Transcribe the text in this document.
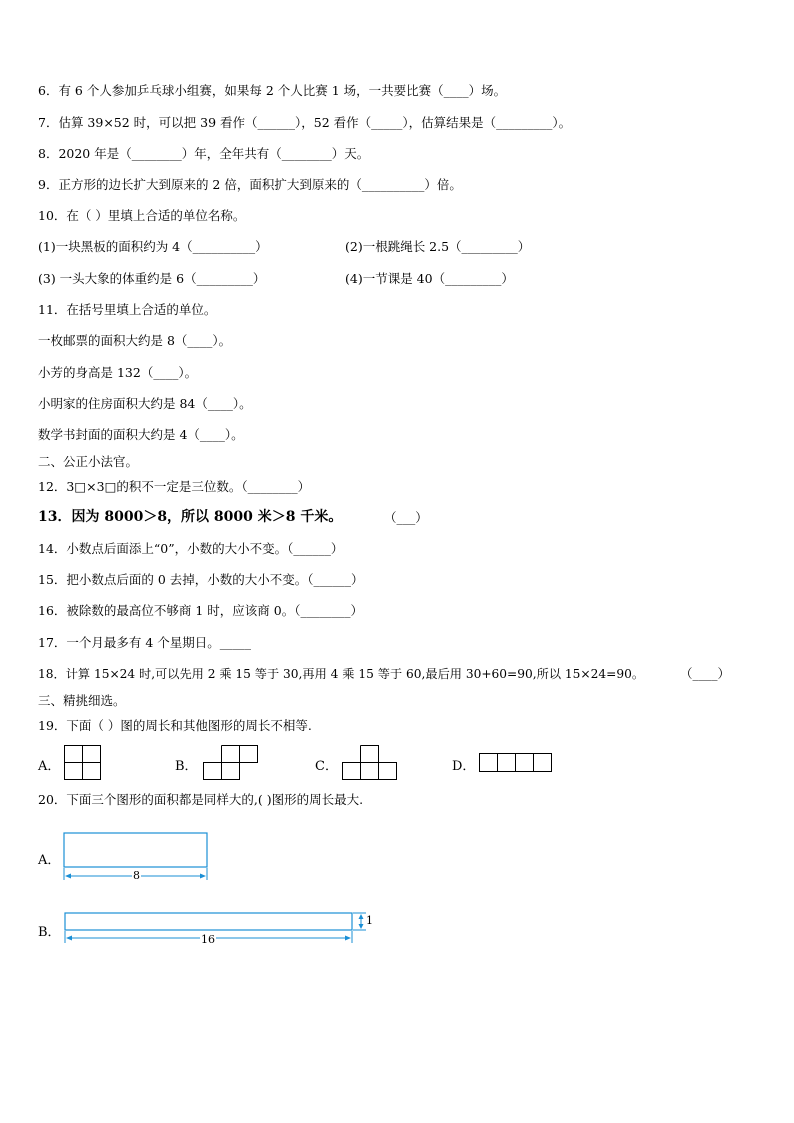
6．有 6 个人参加乒乓球小组赛，如果每 2 个人比赛 1 场，一共要比赛（____）场。
7．估算 39×52 时，可以把 39 看作（______），52 看作（_____），估算结果是（_________）。
8．2020 年是（________）年，全年共有（________）天。
9．正方形的边长扩大到原来的 2 倍，面积扩大到原来的（__________）倍。
10．在（ ）里填上合适的单位名称。
(1)一块黑板的面积约为 4（__________）	(2)一根跳绳长 2.5（_________）
(3) 一头大象的体重约是 6（_________）	(4)一节课是 40（_________）
11．在括号里填上合适的单位。
一枚邮票的面积大约是 8（____）。
小芳的身高是 132（____）。
小明家的住房面积大约是 84（____）。
数学书封面的面积大约是 4（____）。
二、公正小法官。
12．3□×3□的积不一定是三位数。（________）
13．因为 8000＞8，所以 8000 米＞8 千米。	（___）
14．小数点后面添上“0”，小数的大小不变。（______）
15．把小数点后面的 0 去掉，小数的大小不变。（______）
16．被除数的最高位不够商 1 时，应该商 0。（________）
17．一个月最多有 4 个星期日。_____
18．计算 15×24 时,可以先用 2 乘 15 等于 30,再用 4 乘 15 等于 60,最后用 30+60=90,所以 15×24=90。	（____）
三、精挑细选。
19．下面（ ）图的周长和其他图形的周长不相等.
A．	B．	C．	D．
20．下面三个图形的面积都是同样大的,( )图形的周长最大.
A．
8
B．	16
1
